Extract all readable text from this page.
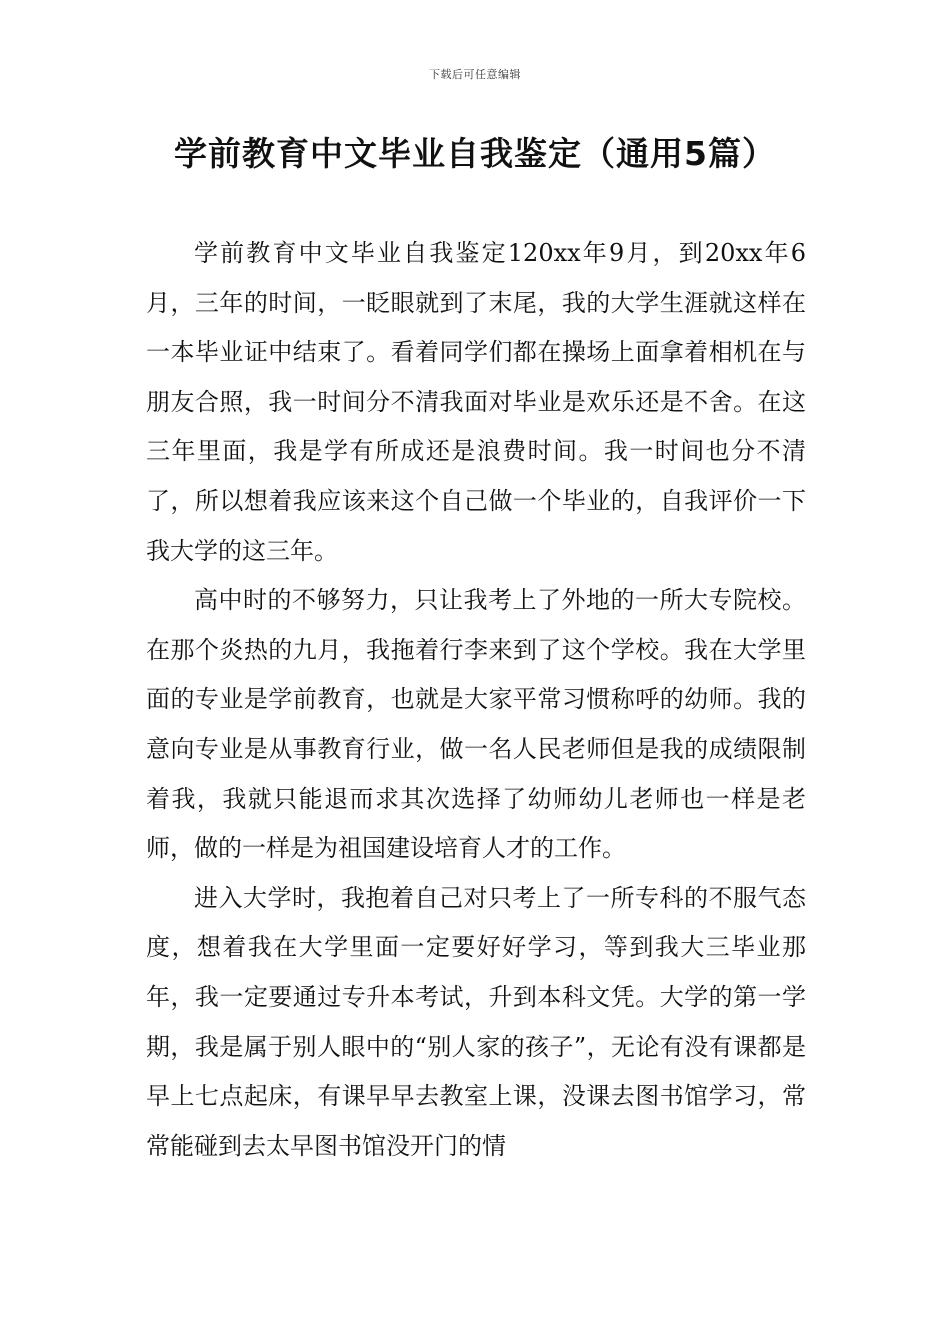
下载后可任意编辑
学前教育中文毕业自我鉴定（通用5篇）

学前教育中文毕业自我鉴定120xx年9月，到20xx年6月，三年的时间，一眨眼就到了末尾，我的大学生涯就这样在一本毕业证中结束了。看着同学们都在操场上面拿着相机在与朋友合照，我一时间分不清我面对毕业是欢乐还是不舍。在这三年里面，我是学有所成还是浪费时间。我一时间也分不清了，所以想着我应该来这个自己做一个毕业的，自我评价一下我大学的这三年。

高中时的不够努力，只让我考上了外地的一所大专院校。在那个炎热的九月，我拖着行李来到了这个学校。我在大学里面的专业是学前教育，也就是大家平常习惯称呼的幼师。我的意向专业是从事教育行业，做一名人民老师但是我的成绩限制着我，我就只能退而求其次选择了幼师幼儿老师也一样是老师，做的一样是为祖国建设培育人才的工作。

进入大学时，我抱着自己对只考上了一所专科的不服气态度，想着我在大学里面一定要好好学习，等到我大三毕业那年，我一定要通过专升本考试，升到本科文凭。大学的第一学期，我是属于别人眼中的“别人家的孩子”，无论有没有课都是早上七点起床，有课早早去教室上课，没课去图书馆学习，常常能碰到去太早图书馆没开门的情
